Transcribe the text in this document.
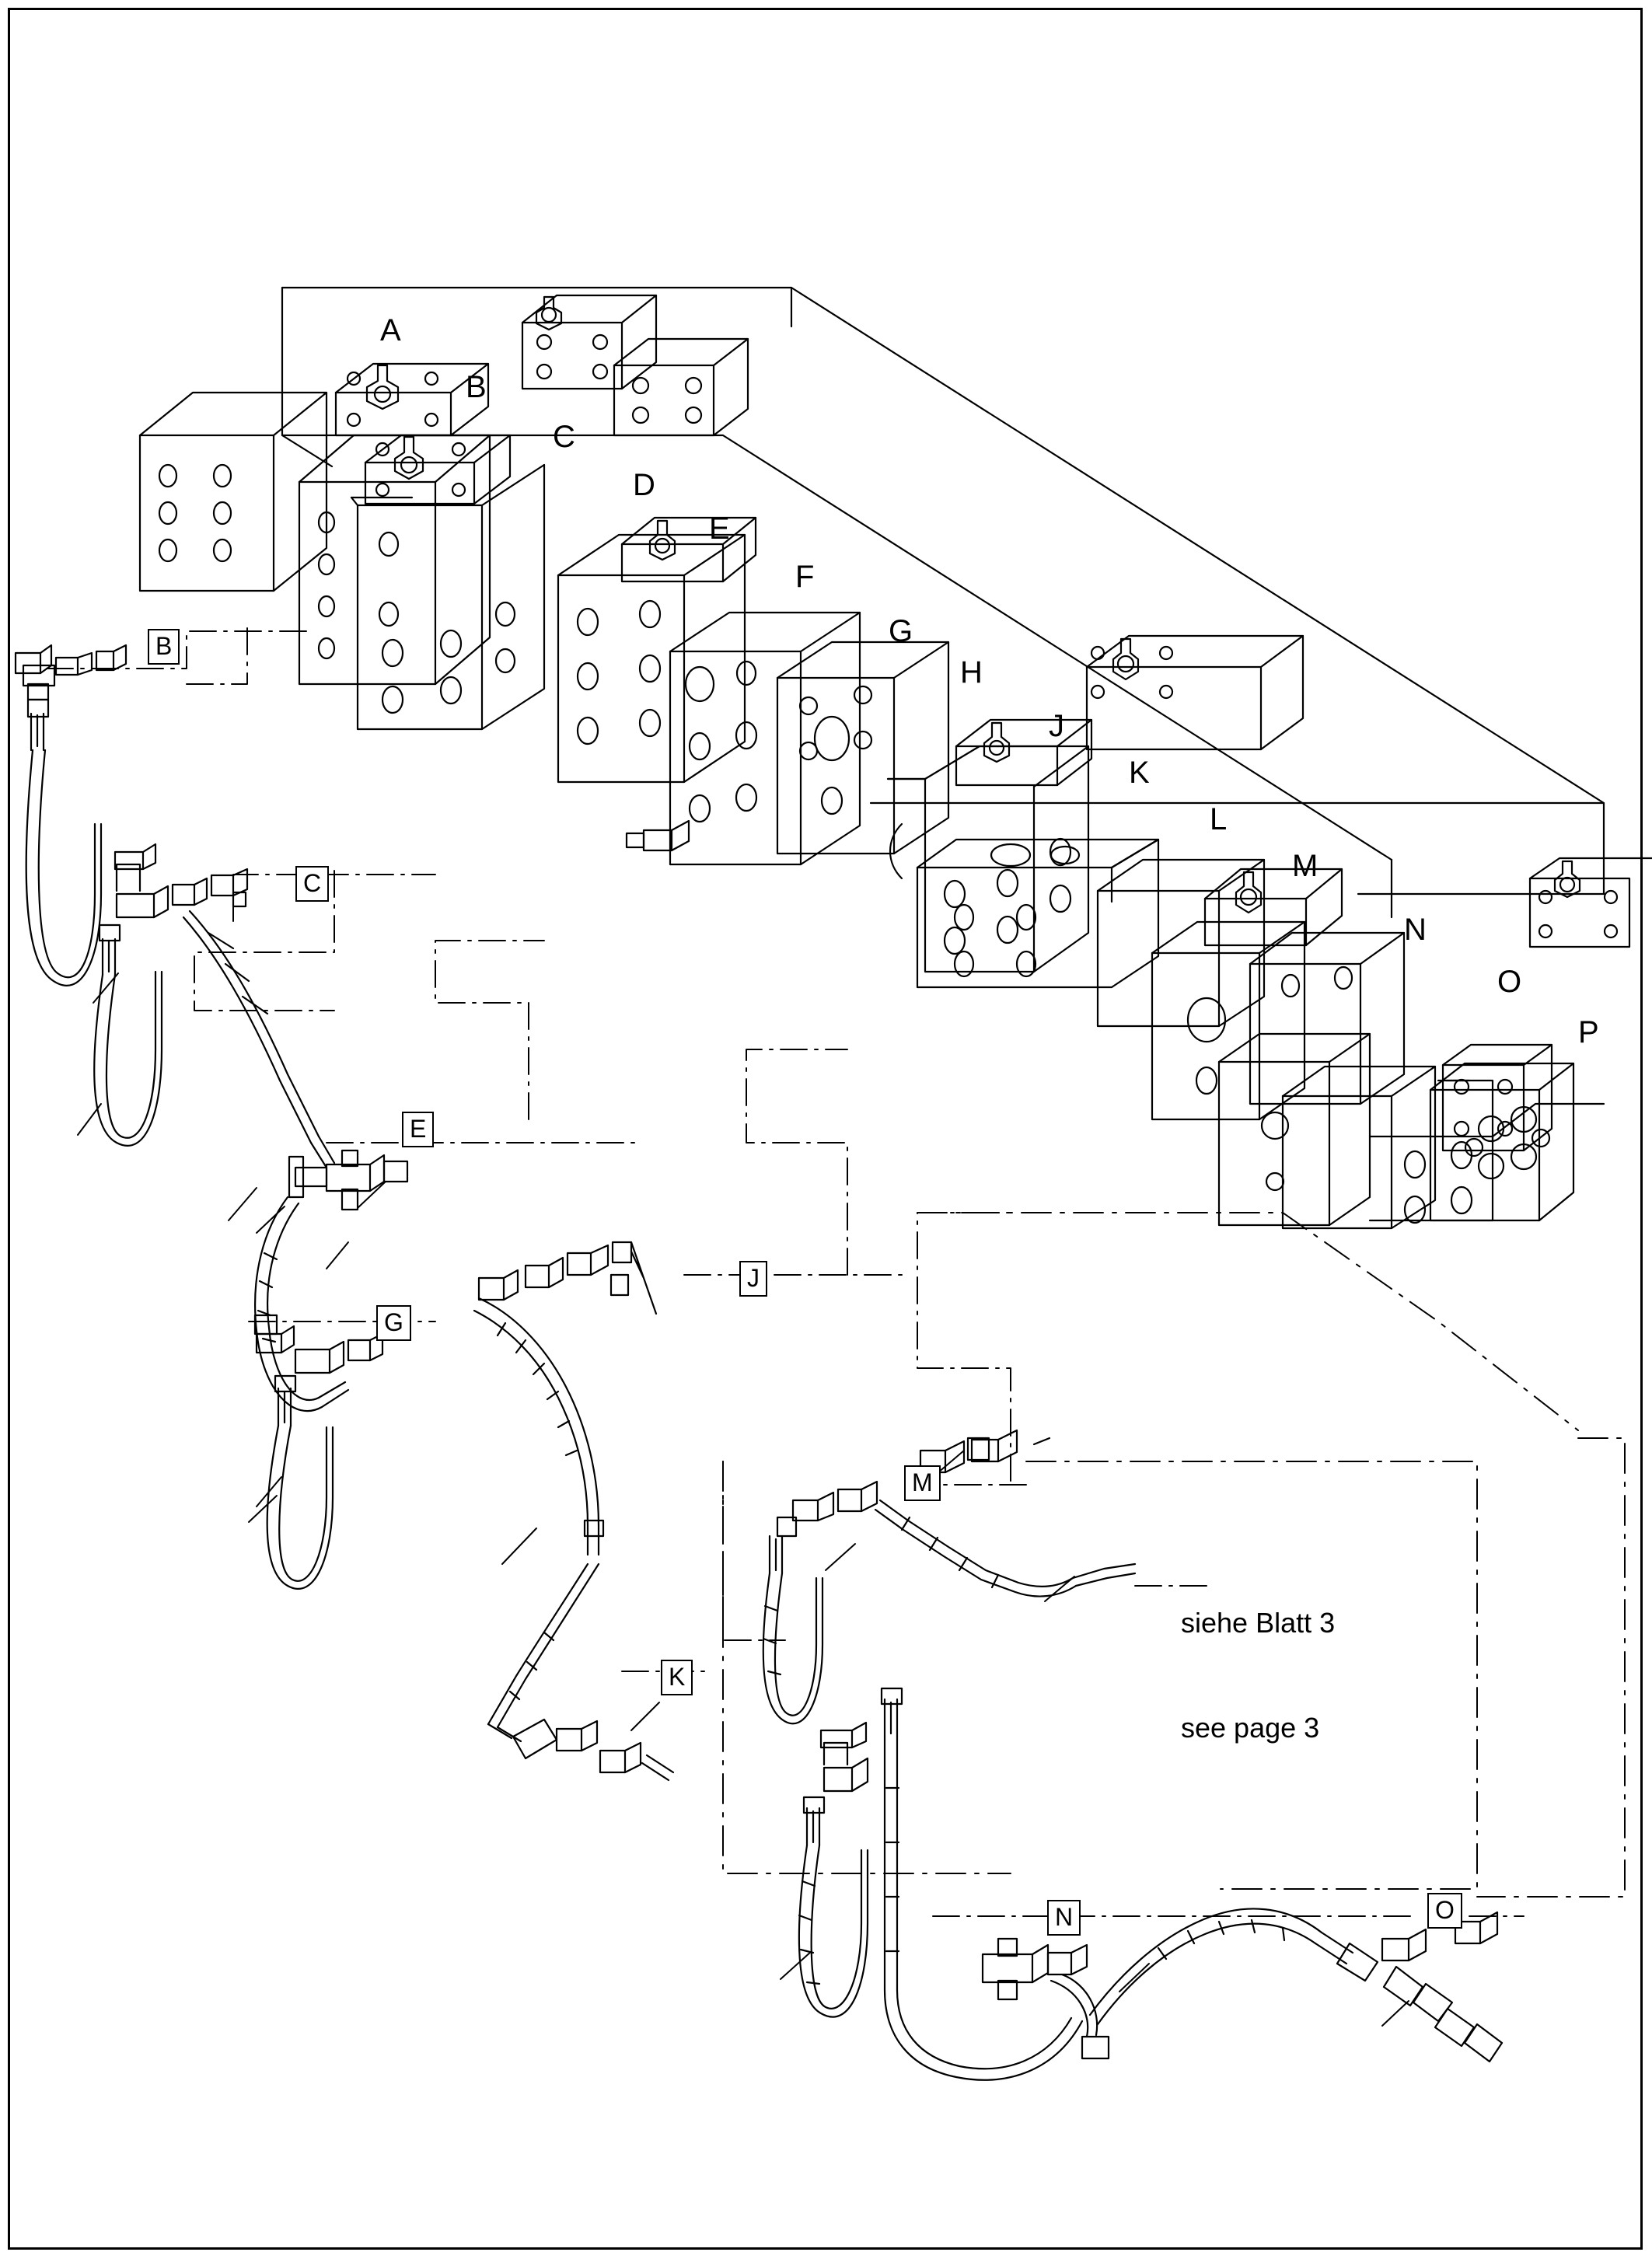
A
B
C
D
E
F
G
H
J
K
L
M
N
O
P
B
C
E
G
J
K
M
N	O

siehe Blatt 3

see page 3
